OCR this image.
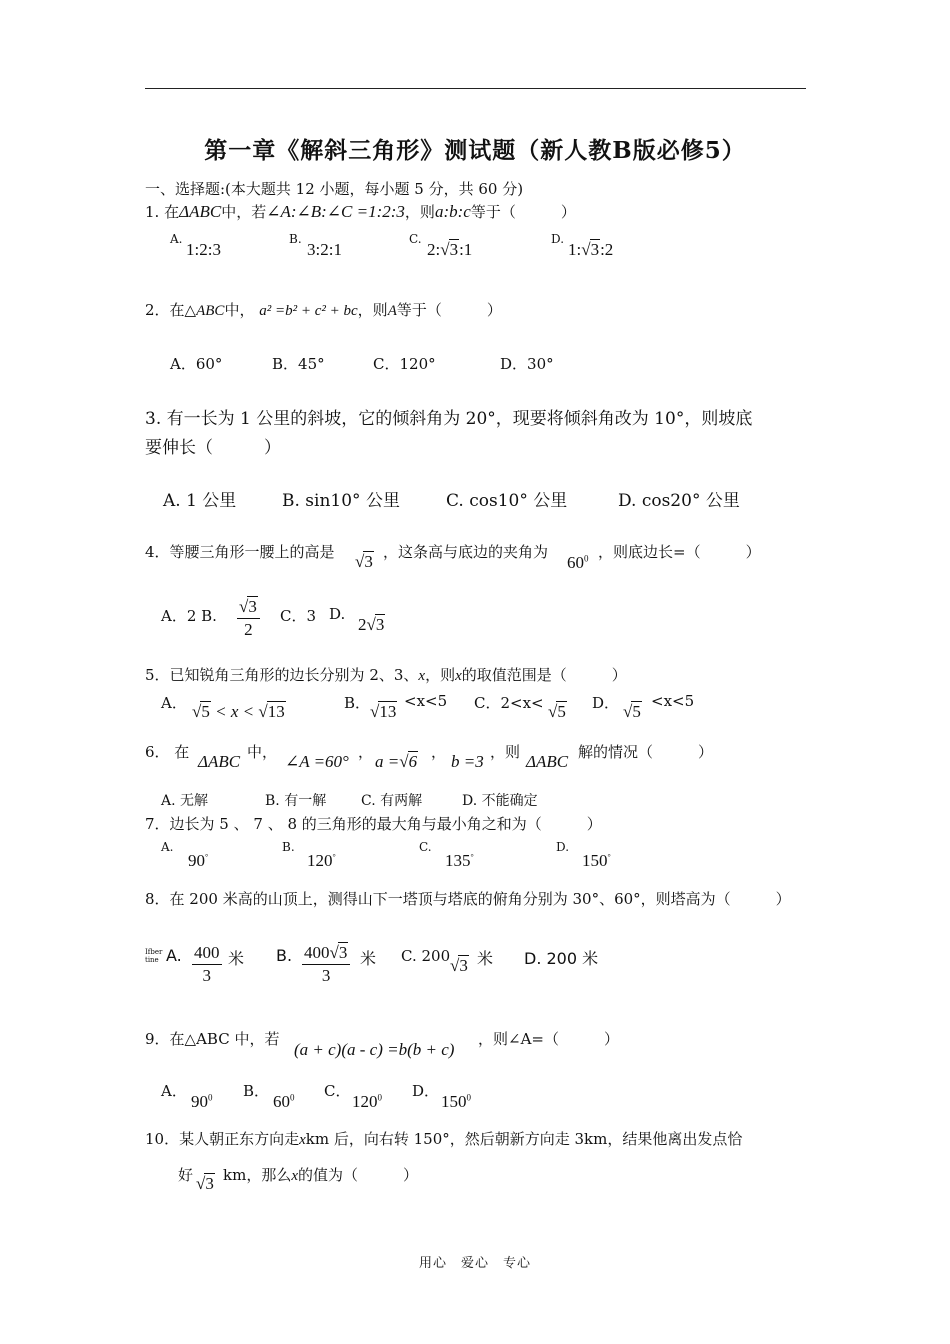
第一章《解斜三角形》测试题（新人教B版必修5）
一、选择题:(本大题共 12 小题，每小题 5 分，共 60 分)
1. 在ΔABC中，若∠A:∠B:∠C =1:2:3，则a:b:c等于（　　　）
A.
1:2:3
B.
3:2:1
C.
2:√3:1
D.
1:√3:2
2．在△ABC中， a² =b² + c² + bc，则A等于（　　　）
A．60°	B．45°	C．120°	D．30°
3. 有一长为 1 公里的斜坡，它的倾斜角为 20°，现要将倾斜角改为 10°，则坡底
要伸长（　　　）
A. 1 公里	B. sin10° 公里	C. cos10° 公里	D. cos20° 公里
4．等腰三角形一腰上的高是 √3 ，这条高与底边的夹角为
$60^0$ ，则底边长=（　　　）
A．2 B. $\frac{√3}{2}$ C．3 D.
2√3
5．已知锐角三角形的边长分别为 2、3、x，则x的取值范围是（　　　）
A． √5 < x < √13	B． √13
<x<5 C．2<x< √5 D． √5
<x<5
6． 在 ΔABC 中， ∠A =60° ， a =√6 ， b =3 ，则 ΔABC 解的情况（　　　）
A. 无解	B. 有一解 C. 有两解	D. 不能确定
7．边长为 5 、 7 、 8 的三角形的最大角与最小角之和为（　　　）
A.
90°
B.
120°
C.
135°
D.
150°
8．在 200 米高的山顶上，测得山下一塔顶与塔底的俯角分别为 30°、60°，则塔高为（　　　）
Ifber
tine A. $\frac{400}{3}$ 米 B. $\frac{400√3}{3}$ 米 C. 200 √3 米 D. 200 米
9．在△ABC 中，若
(a + c)(a - c) =b(b + c)
，则∠A=（　　　）
A．
$90^0$ B．
$60^0$ C．
$120^0$ D．
$150^0$
10．某人朝正东方向走xkm 后，向右转 150°，然后朝新方向走 3km，结果他离出发点恰
好 √3 km，那么x的值为（　　　）
用心　爱心　专心
